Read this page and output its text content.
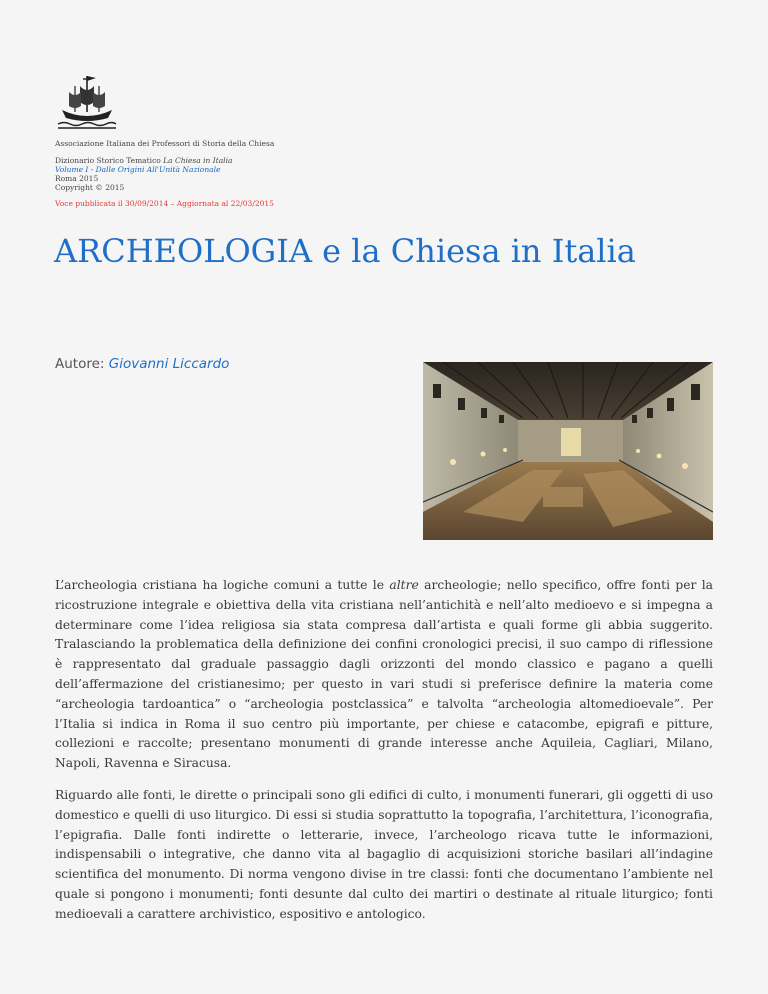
Associazione Italiana dei Professori di Storia della Chiesa
Dizionario Storico Tematico La Chiesa in Italia
Volume I - Dalle Origini All'Unità Nazionale
Roma 2015
Copyright © 2015
Voce pubblicata il 30/09/2014 – Aggiornata al 22/03/2015
ARCHEOLOGIA e la Chiesa in Italia
Autore: Giovanni Liccardo

L’archeologia cristiana ha logiche comuni a tutte le altre archeologie; nello specifico, offre fonti per la ricostruzione integrale e obiettiva della vita cristiana nell’antichità e nell’alto medioevo e si impegna a determinare come l’idea religiosa sia stata compresa dall’artista e quali forme gli abbia suggerito. Tralasciando la problematica della definizione dei confini cronologici precisi, il suo campo di riflessione è rappresentato dal graduale passaggio dagli orizzonti del mondo classico e pagano a quelli dell’affermazione del cristianesimo; per questo in vari studi si preferisce definire la materia come “archeologia tardoantica” o “archeologia postclassica” e talvolta “archeologia altomedioevale”. Per l’Italia si indica in Roma il suo centro più importante, per chiese e catacombe, epigrafi e pitture, collezioni e raccolte; presentano monumenti di grande interesse anche Aquileia, Cagliari, Milano, Napoli, Ravenna e Siracusa.

Riguardo alle fonti, le dirette o principali sono gli edifici di culto, i monumenti funerari, gli oggetti di uso domestico e quelli di uso liturgico. Di essi si studia soprattutto la topografia, l’architettura, l’iconografia, l’epigrafia. Dalle fonti indirette o letterarie, invece, l’archeologo ricava tutte le informazioni, indispensabili o integrative, che danno vita al bagaglio di acquisizioni storiche basilari all’indagine scientifica del monumento. Di norma vengono divise in tre classi: fonti che documentano l’ambiente nel quale si pongono i monumenti; fonti desunte dal culto dei martiri o destinate al rituale liturgico; fonti medioevali a carattere archivistico, espositivo e antologico.
